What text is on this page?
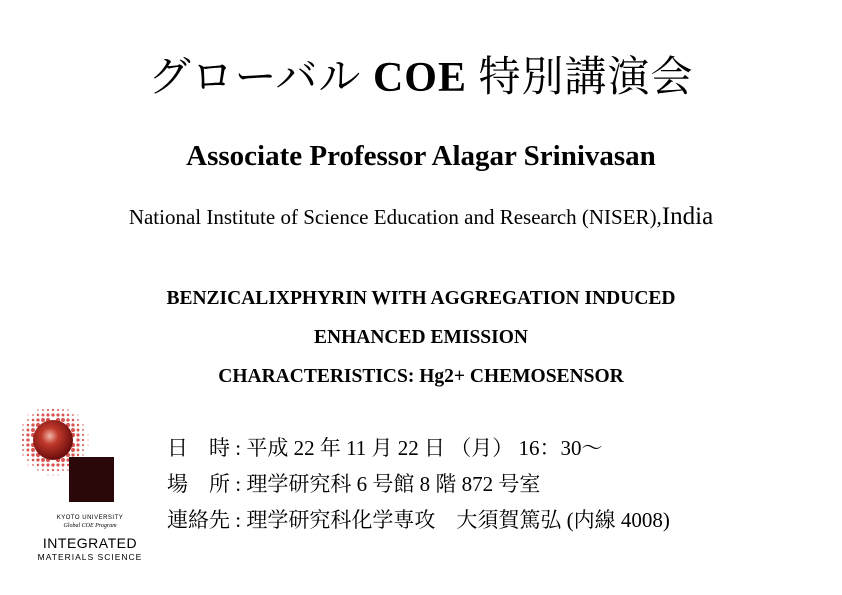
グローバル COE 特別講演会
Associate Professor Alagar Srinivasan
National Institute of Science Education and Research (NISER),India
BENZICALIXPHYRIN WITH AGGREGATION INDUCED
ENHANCED EMISSION
CHARACTERISTICS: Hg2+ CHEMOSENSOR
KYOTO UNIVERSITY
Global COE Program
INTEGRATED
MATERIALS SCIENCE
日　時 : 平成 22 年 11 月 22 日 （月） 16：30〜
場　所 : 理学研究科 6 号館 8 階 872 号室
連絡先 : 理学研究科化学専攻　大須賀篤弘 (内線 4008)
